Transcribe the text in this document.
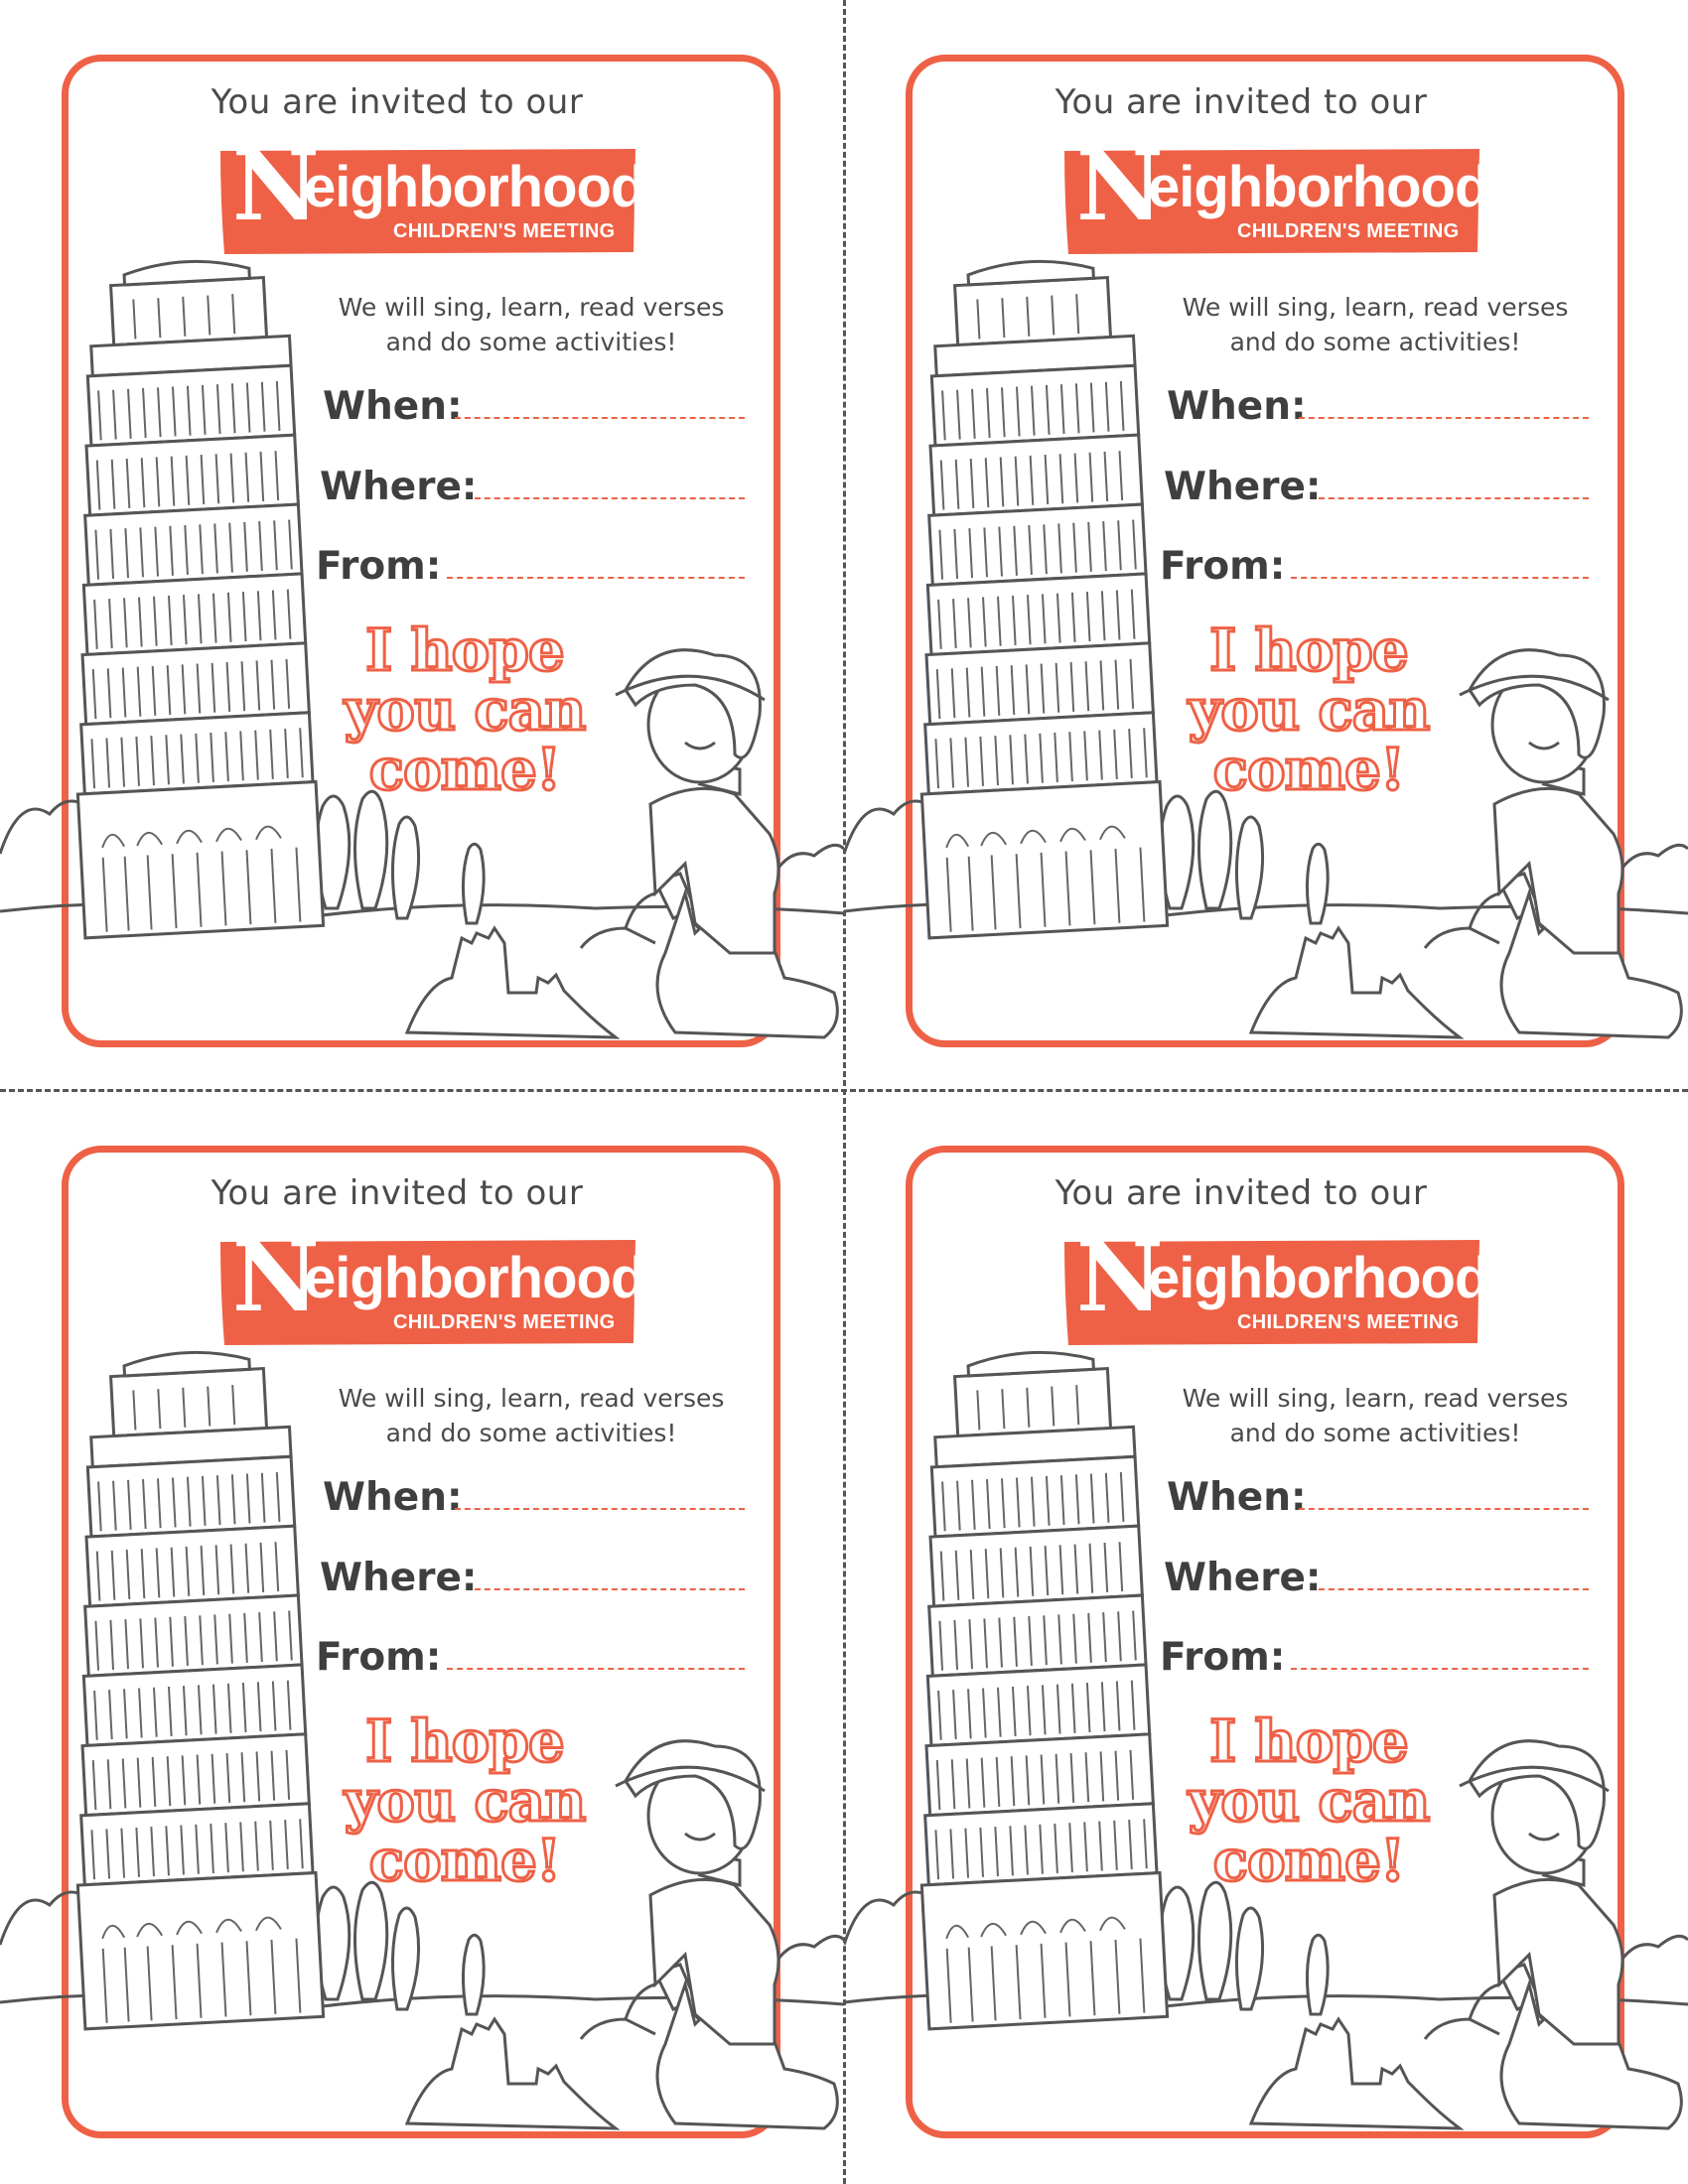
You are invited to our
N
eighborhood
CHILDREN'S MEETING
We will sing, learn, read verses and do some activities!
When:
Where:
From:
I hope you can come!
You are invited to our
N
eighborhood
CHILDREN'S MEETING
We will sing, learn, read verses and do some activities!
When:
Where:
From:
I hope you can come!
You are invited to our
N
eighborhood
CHILDREN'S MEETING
We will sing, learn, read verses and do some activities!
When:
Where:
From:
I hope you can come!
You are invited to our
N
eighborhood
CHILDREN'S MEETING
We will sing, learn, read verses and do some activities!
When:
Where:
From:
I hope you can come!
